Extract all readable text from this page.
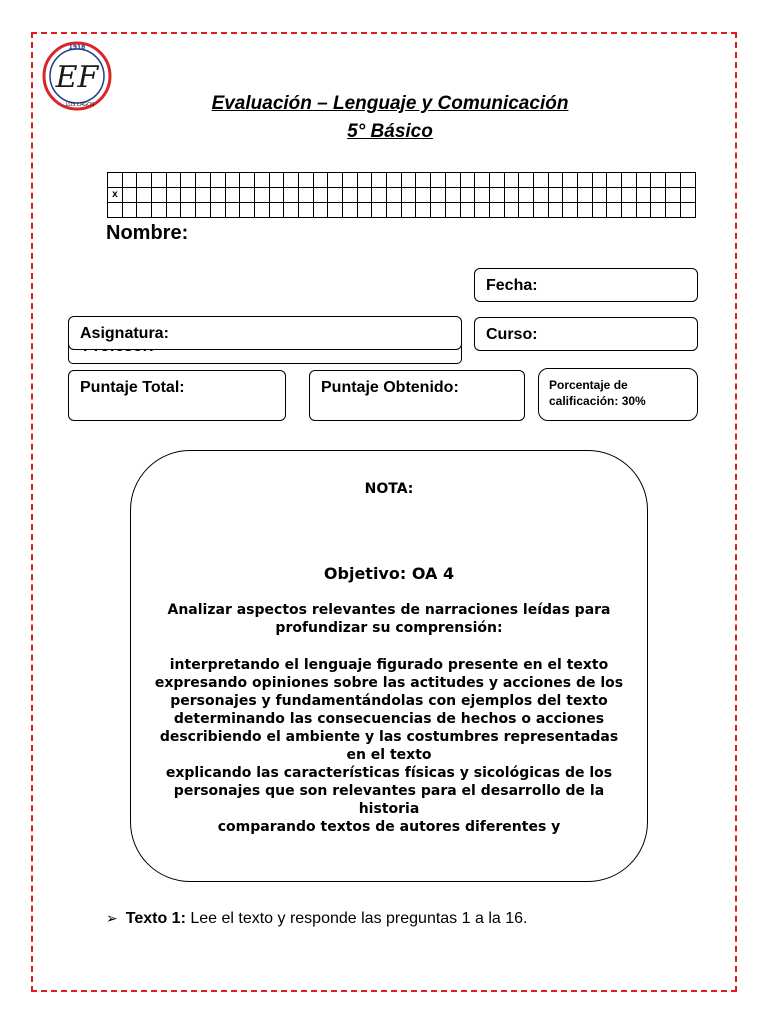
1918
EF
LOS LAGOS	Evaluación – Lenguaje y Comunicación
5° Básico

x																																							

Nombre:
Fecha:
Asignatura:	Curso:
Puntaje Total:	Puntaje Obtenido:	Porcentaje de
calificación: 30%
NOTA:
Objetivo: OA 4
Analizar aspectos relevantes de narraciones leídas para profundizar su comprensión:
interpretando el lenguaje figurado presente en el texto
expresando opiniones sobre las actitudes y acciones de los personajes y fundamentándolas con ejemplos del texto
determinando las consecuencias de hechos o acciones
describiendo el ambiente y las costumbres representadas en el texto
explicando las características físicas y sicológicas de los personajes que son relevantes para el desarrollo de la historia
comparando textos de autores diferentes y
➢ Texto 1: Lee el texto y responde las preguntas 1 a la 16.
